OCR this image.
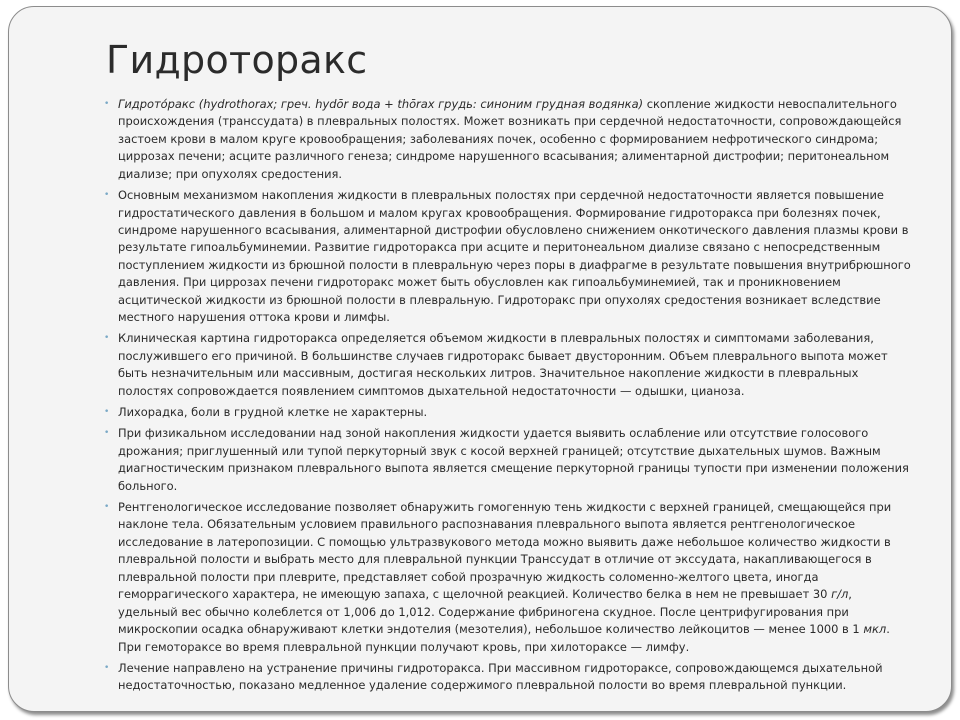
Гидроторакс
• Гидрото́ракс (hydrothorax; греч. hydōr вода + thōrax грудь: синоним грудная водянка) скопление жидкости невоспалительного происхождения (транссудата) в плевральных полостях. Может возникать при сердечной недостаточности, сопровождающейся застоем крови в малом круге кровообращения; заболеваниях почек, особенно с формированием нефротического синдрома; циррозах печени; асците различного генеза; синдроме нарушенного всасывания; алиментарной дистрофии; перитонеальном диализе; при опухолях средостения.
• Основным механизмом накопления жидкости в плевральных полостях при сердечной недостаточности является повышение гидростатического давления в большом и малом кругах кровообращения. Формирование гидроторакса при болезнях почек, синдроме нарушенного всасывания, алиментарной дистрофии обусловлено снижением онкотического давления плазмы крови в результате гипоальбуминемии. Развитие гидроторакса при асците и перитонеальном диализе связано с непосредственным поступлением жидкости из брюшной полости в плевральную через поры в диафрагме в результате повышения внутрибрюшного давления. При циррозах печени гидроторакс может быть обусловлен как гипоальбуминемией, так и проникновением асцитической жидкости из брюшной полости в плевральную. Гидроторакс при опухолях средостения возникает вследствие местного нарушения оттока крови и лимфы.
• Клиническая картина гидроторакса определяется объемом жидкости в плевральных полостях и симптомами заболевания, послужившего его причиной. В большинстве случаев гидроторакс бывает двусторонним. Объем плеврального выпота может быть незначительным или массивным, достигая нескольких литров. Значительное накопление жидкости в плевральных полостях сопровождается появлением симптомов дыхательной недостаточности — одышки, цианоза.
• Лихорадка, боли в грудной клетке не характерны.
• При физикальном исследовании над зоной накопления жидкости удается выявить ослабление или отсутствие голосового дрожания; приглушенный или тупой перкуторный звук с косой верхней границей; отсутствие дыхательных шумов. Важным диагностическим признаком плеврального выпота является смещение перкуторной границы тупости при изменении положения больного.
• Рентгенологическое исследование позволяет обнаружить гомогенную тень жидкости с верхней границей, смещающейся при наклоне тела. Обязательным условием правильного распознавания плеврального выпота является рентгенологическое исследование в латеропозиции. С помощью ультразвукового метода можно выявить даже небольшое количество жидкости в плевральной полости и выбрать место для плевральной пункции Транссудат в отличие от экссудата, накапливающегося в плевральной полости при плеврите, представляет собой прозрачную жидкость соломенно-желтого цвета, иногда геморрагического характера, не имеющую запаха, с щелочной реакцией. Количество белка в нем не превышает 30 г/л, удельный вес обычно колеблется от 1,006 до 1,012. Содержание фибриногена скудное. После центрифугирования при микроскопии осадка обнаруживают клетки эндотелия (мезотелия), небольшое количество лейкоцитов — менее 1000 в 1 мкл. При гемотораксе во время плевральной пункции получают кровь, при хилотораксе — лимфу.
• Лечение направлено на устранение причины гидроторакса. При массивном гидротораксе, сопровождающемся дыхательной недостаточностью, показано медленное удаление содержимого плевральной полости во время плевральной пункции.
